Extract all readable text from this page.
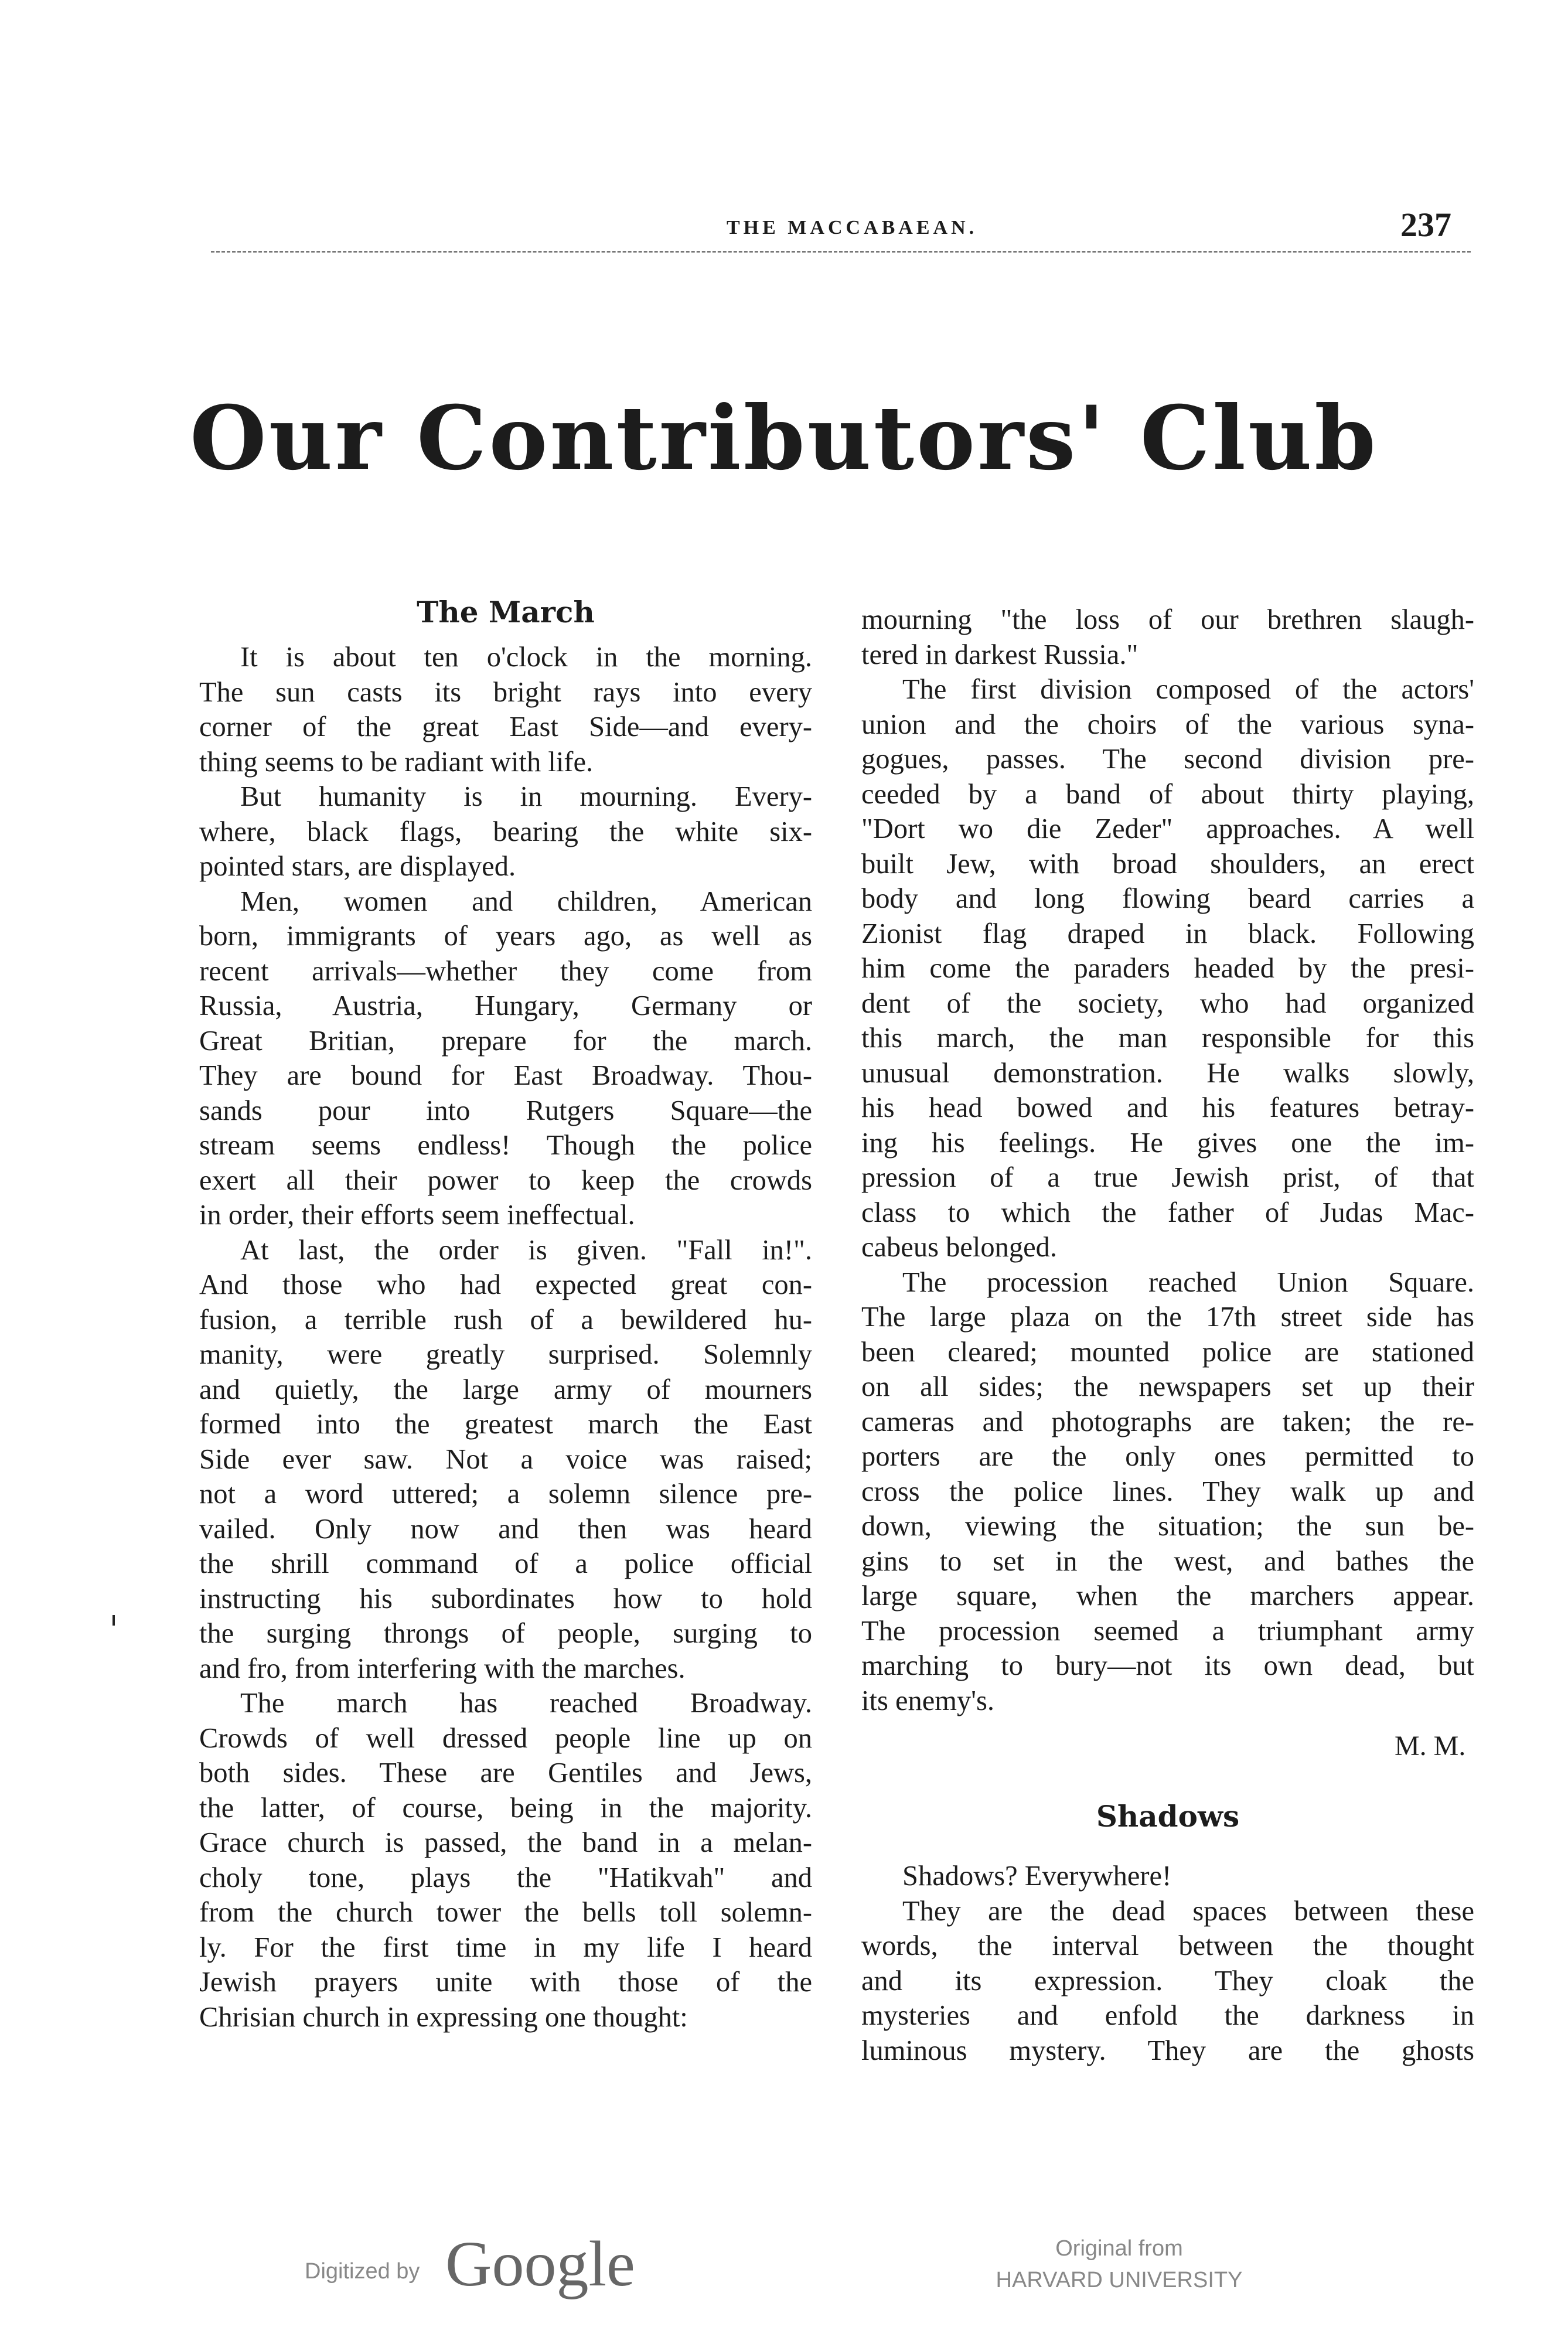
THE MACCABAEAN.	237
Our Contributors' Club
The March
It is about ten o'clock in the morning.
The sun casts its bright rays into every
corner of the great East Side—and every-
thing seems to be radiant with life.
But humanity is in mourning. Every-
where, black flags, bearing the white six-
pointed stars, are displayed.
Men, women and children, American
born, immigrants of years ago, as well as
recent arrivals—whether they come from
Russia, Austria, Hungary, Germany or
Great Britian, prepare for the march.
They are bound for East Broadway. Thou-
sands pour into Rutgers Square—the
stream seems endless! Though the police
exert all their power to keep the crowds
in order, their efforts seem ineffectual.
At last, the order is given. "Fall in!".
And those who had expected great con-
fusion, a terrible rush of a bewildered hu-
manity, were greatly surprised. Solemnly
and quietly, the large army of mourners
formed into the greatest march the East
Side ever saw. Not a voice was raised;
not a word uttered; a solemn silence pre-
vailed. Only now and then was heard
the shrill command of a police official
instructing his subordinates how to hold
the surging throngs of people, surging to
and fro, from interfering with the marches.
The march has reached Broadway.
Crowds of well dressed people line up on
both sides. These are Gentiles and Jews,
the latter, of course, being in the majority.
Grace church is passed, the band in a melan-
choly tone, plays the "Hatikvah" and
from the church tower the bells toll solemn-
ly. For the first time in my life I heard
Jewish prayers unite with those of the
Chrisian church in expressing one thought:
mourning "the loss of our brethren slaugh-
tered in darkest Russia."
The first division composed of the actors'
union and the choirs of the various syna-
gogues, passes. The second division pre-
ceeded by a band of about thirty playing,
"Dort wo die Zeder" approaches. A well
built Jew, with broad shoulders, an erect
body and long flowing beard carries a
Zionist flag draped in black. Following
him come the paraders headed by the presi-
dent of the society, who had organized
this march, the man responsible for this
unusual demonstration. He walks slowly,
his head bowed and his features betray-
ing his feelings. He gives one the im-
pression of a true Jewish prist, of that
class to which the father of Judas Mac-
cabeus belonged.
The procession reached Union Square.
The large plaza on the 17th street side has
been cleared; mounted police are stationed
on all sides; the newspapers set up their
cameras and photographs are taken; the re-
porters are the only ones permitted to
cross the police lines. They walk up and
down, viewing the situation; the sun be-
gins to set in the west, and bathes the
large square, when the marchers appear.
The procession seemed a triumphant army
marching to bury—not its own dead, but
its enemy's.
M. M.
Shadows
Shadows? Everywhere!
They are the dead spaces between these
words, the interval between the thought
and its expression. They cloak the
mysteries and enfold the darkness in
luminous mystery. They are the ghosts
Digitized by Google	Original from
HARVARD UNIVERSITY
